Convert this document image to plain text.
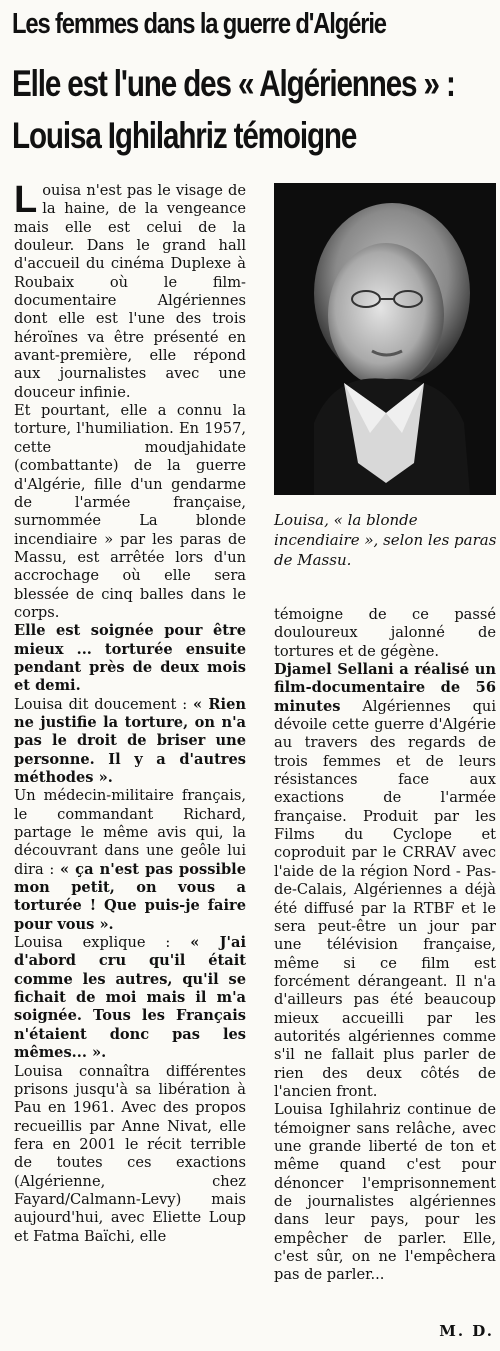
Les femmes dans la guerre d'Algérie
Elle est l'une des « Algériennes » :
Louisa Ighilahriz témoigne

Louisa n'est pas le visage de la haine, de la vengeance mais elle est celui de la douleur. Dans le grand hall d'accueil du cinéma Duplexe à Roubaix où le film-documentaire Algériennes dont elle est l'une des trois héroïnes va être présenté en avant-première, elle répond aux journalistes avec une douceur infinie.

Et pourtant, elle a connu la torture, l'humiliation. En 1957, cette moudjahidate (combattante) de la guerre d'Algérie, fille d'un gendarme de l'armée française, surnommée La blonde incendiaire » par les paras de Massu, est arrêtée lors d'un accrochage où elle sera blessée de cinq balles dans le corps.

Elle est soignée pour être mieux ... torturée ensuite pendant près de deux mois et demi.

Louisa dit doucement : « Rien ne justifie la torture, on n'a pas le droit de briser une personne. Il y a d'autres méthodes ».

Un médecin-militaire français, le commandant Richard, partage le même avis qui, la découvrant dans une geôle lui dira : « ça n'est pas possible mon petit, on vous a torturée ! Que puis-je faire pour vous ».

Louisa explique : « J'ai d'abord cru qu'il était comme les autres, qu'il se fichait de moi mais il m'a soignée. Tous les Français n'étaient donc pas les mêmes... ».

Louisa connaîtra différentes prisons jusqu'à sa libération à Pau en 1961. Avec des propos recueillis par Anne Nivat, elle fera en 2001 le récit terrible de toutes ces exactions (Algérienne, chez Fayard/Calmann-Levy) mais aujourd'hui, avec Eliette Loup et Fatma Baïchi, elle

Louisa, « la blonde incendiaire », selon les paras de Massu.

témoigne de ce passé douloureux jalonné de tortures et de gégène.

Djamel Sellani a réalisé un film-documentaire de 56 minutes Algériennes qui dévoile cette guerre d'Algérie au travers des regards de trois femmes et de leurs résistances face aux exactions de l'armée française. Produit par les Films du Cyclope et coproduit par le CRRAV avec l'aide de la région Nord - Pas-de-Calais, Algériennes a déjà été diffusé par la RTBF et le sera peut-être un jour par une télévision française, même si ce film est forcément dérangeant. Il n'a d'ailleurs pas été beaucoup mieux accueilli par les autorités algériennes comme s'il ne fallait plus parler de rien des deux côtés de l'ancien front.

Louisa Ighilahriz continue de témoigner sans relâche, avec une grande liberté de ton et même quand c'est pour dénoncer l'emprisonnement de journalistes algériennes dans leur pays, pour les empêcher de parler. Elle, c'est sûr, on ne l'empêchera pas de parler...

M. D.
